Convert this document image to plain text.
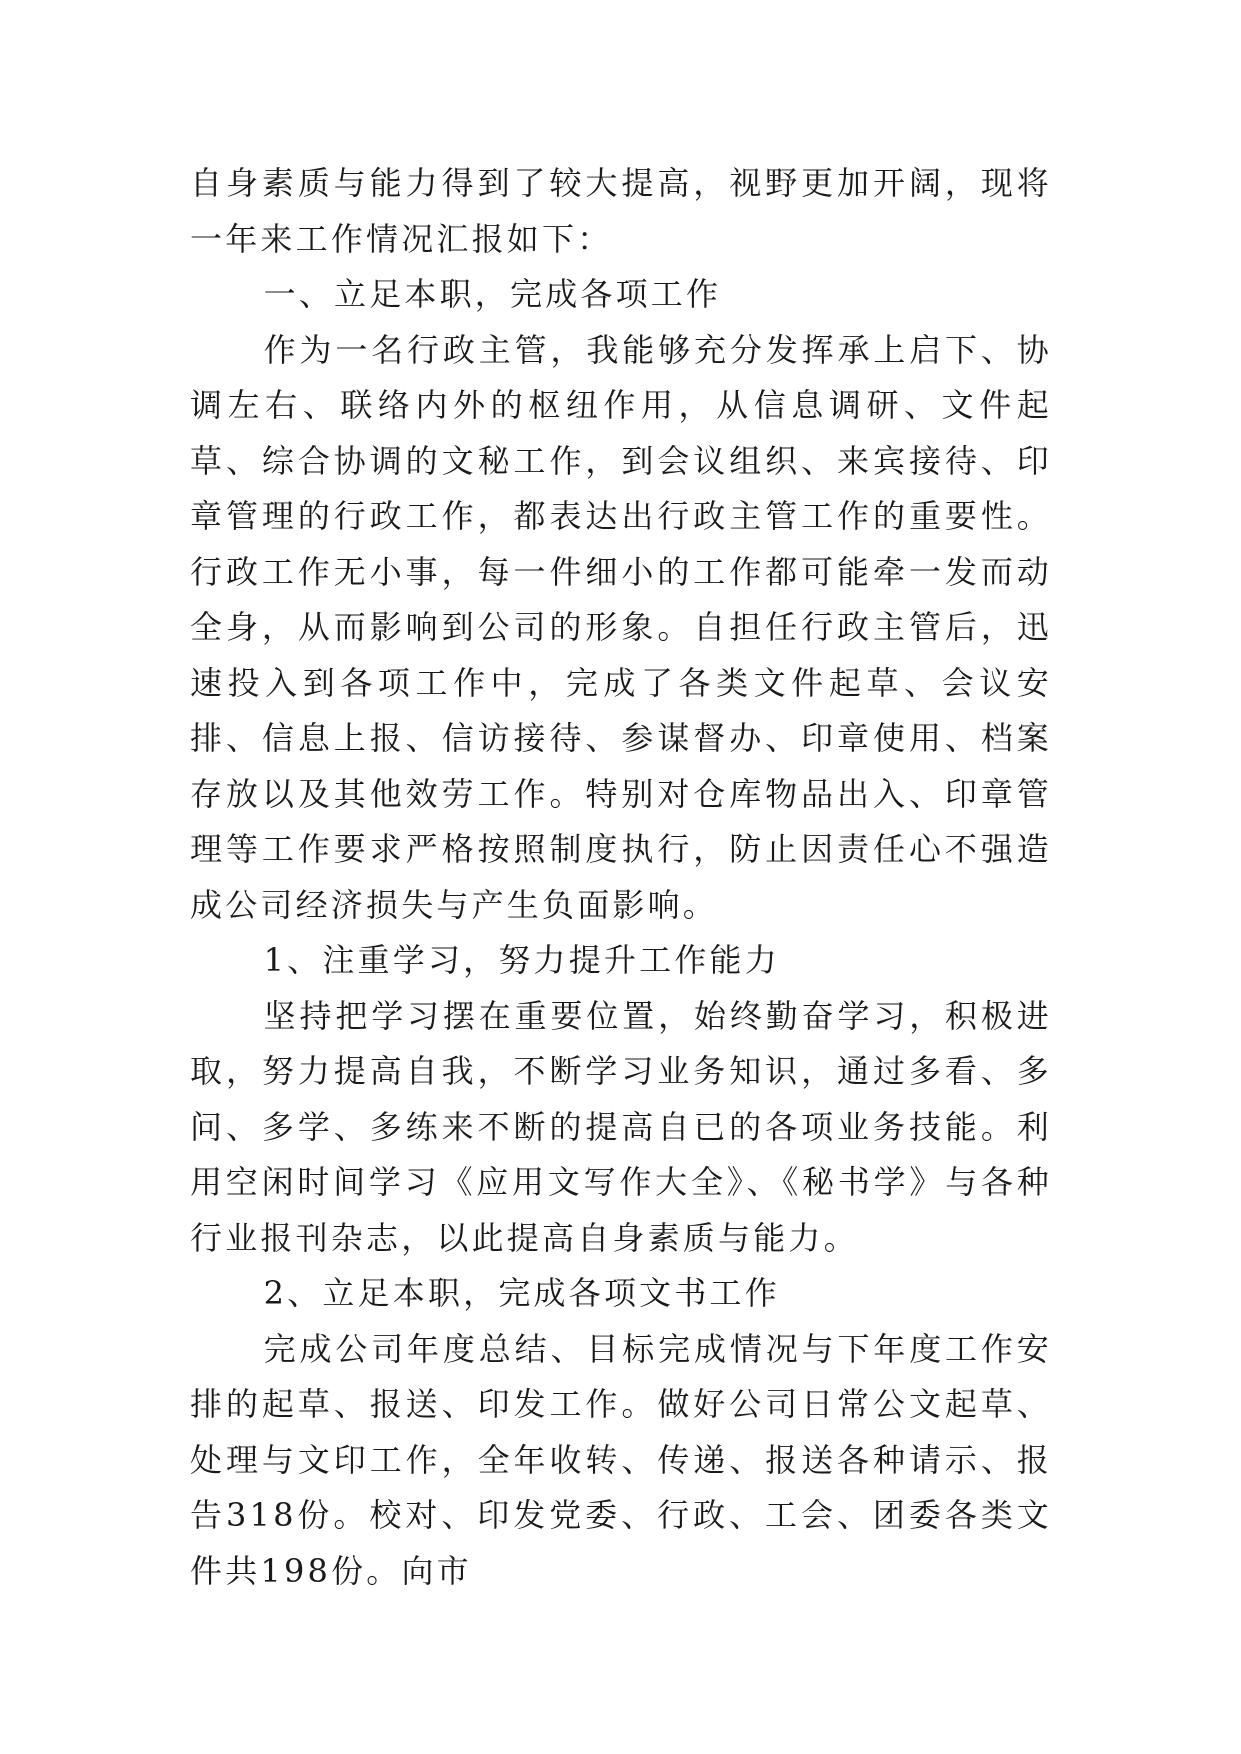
自身素质与能力得到了较大提高，视野更加开阔，现将一年来工作情况汇报如下：

一、立足本职，完成各项工作

作为一名行政主管，我能够充分发挥承上启下、协调左右、联络内外的枢纽作用，从信息调研、文件起草、综合协调的文秘工作，到会议组织、来宾接待、印章管理的行政工作，都表达出行政主管工作的重要性。行政工作无小事，每一件细小的工作都可能牵一发而动全身，从而影响到公司的形象。自担任行政主管后，迅速投入到各项工作中，完成了各类文件起草、会议安排、信息上报、信访接待、参谋督办、印章使用、档案存放以及其他效劳工作。特别对仓库物品出入、印章管理等工作要求严格按照制度执行，防止因责任心不强造成公司经济损失与产生负面影响。

1、注重学习，努力提升工作能力

坚持把学习摆在重要位置，始终勤奋学习，积极进取，努力提高自我，不断学习业务知识，通过多看、多问、多学、多练来不断的提高自已的各项业务技能。利用空闲时间学习《应用文写作大全》、《秘书学》与各种行业报刊杂志，以此提高自身素质与能力。

2、立足本职，完成各项文书工作

完成公司年度总结、目标完成情况与下年度工作安排的起草、报送、印发工作。做好公司日常公文起草、处理与文印工作，全年收转、传递、报送各种请示、报告318份。校对、印发党委、行政、工会、团委各类文件共198份。向市
